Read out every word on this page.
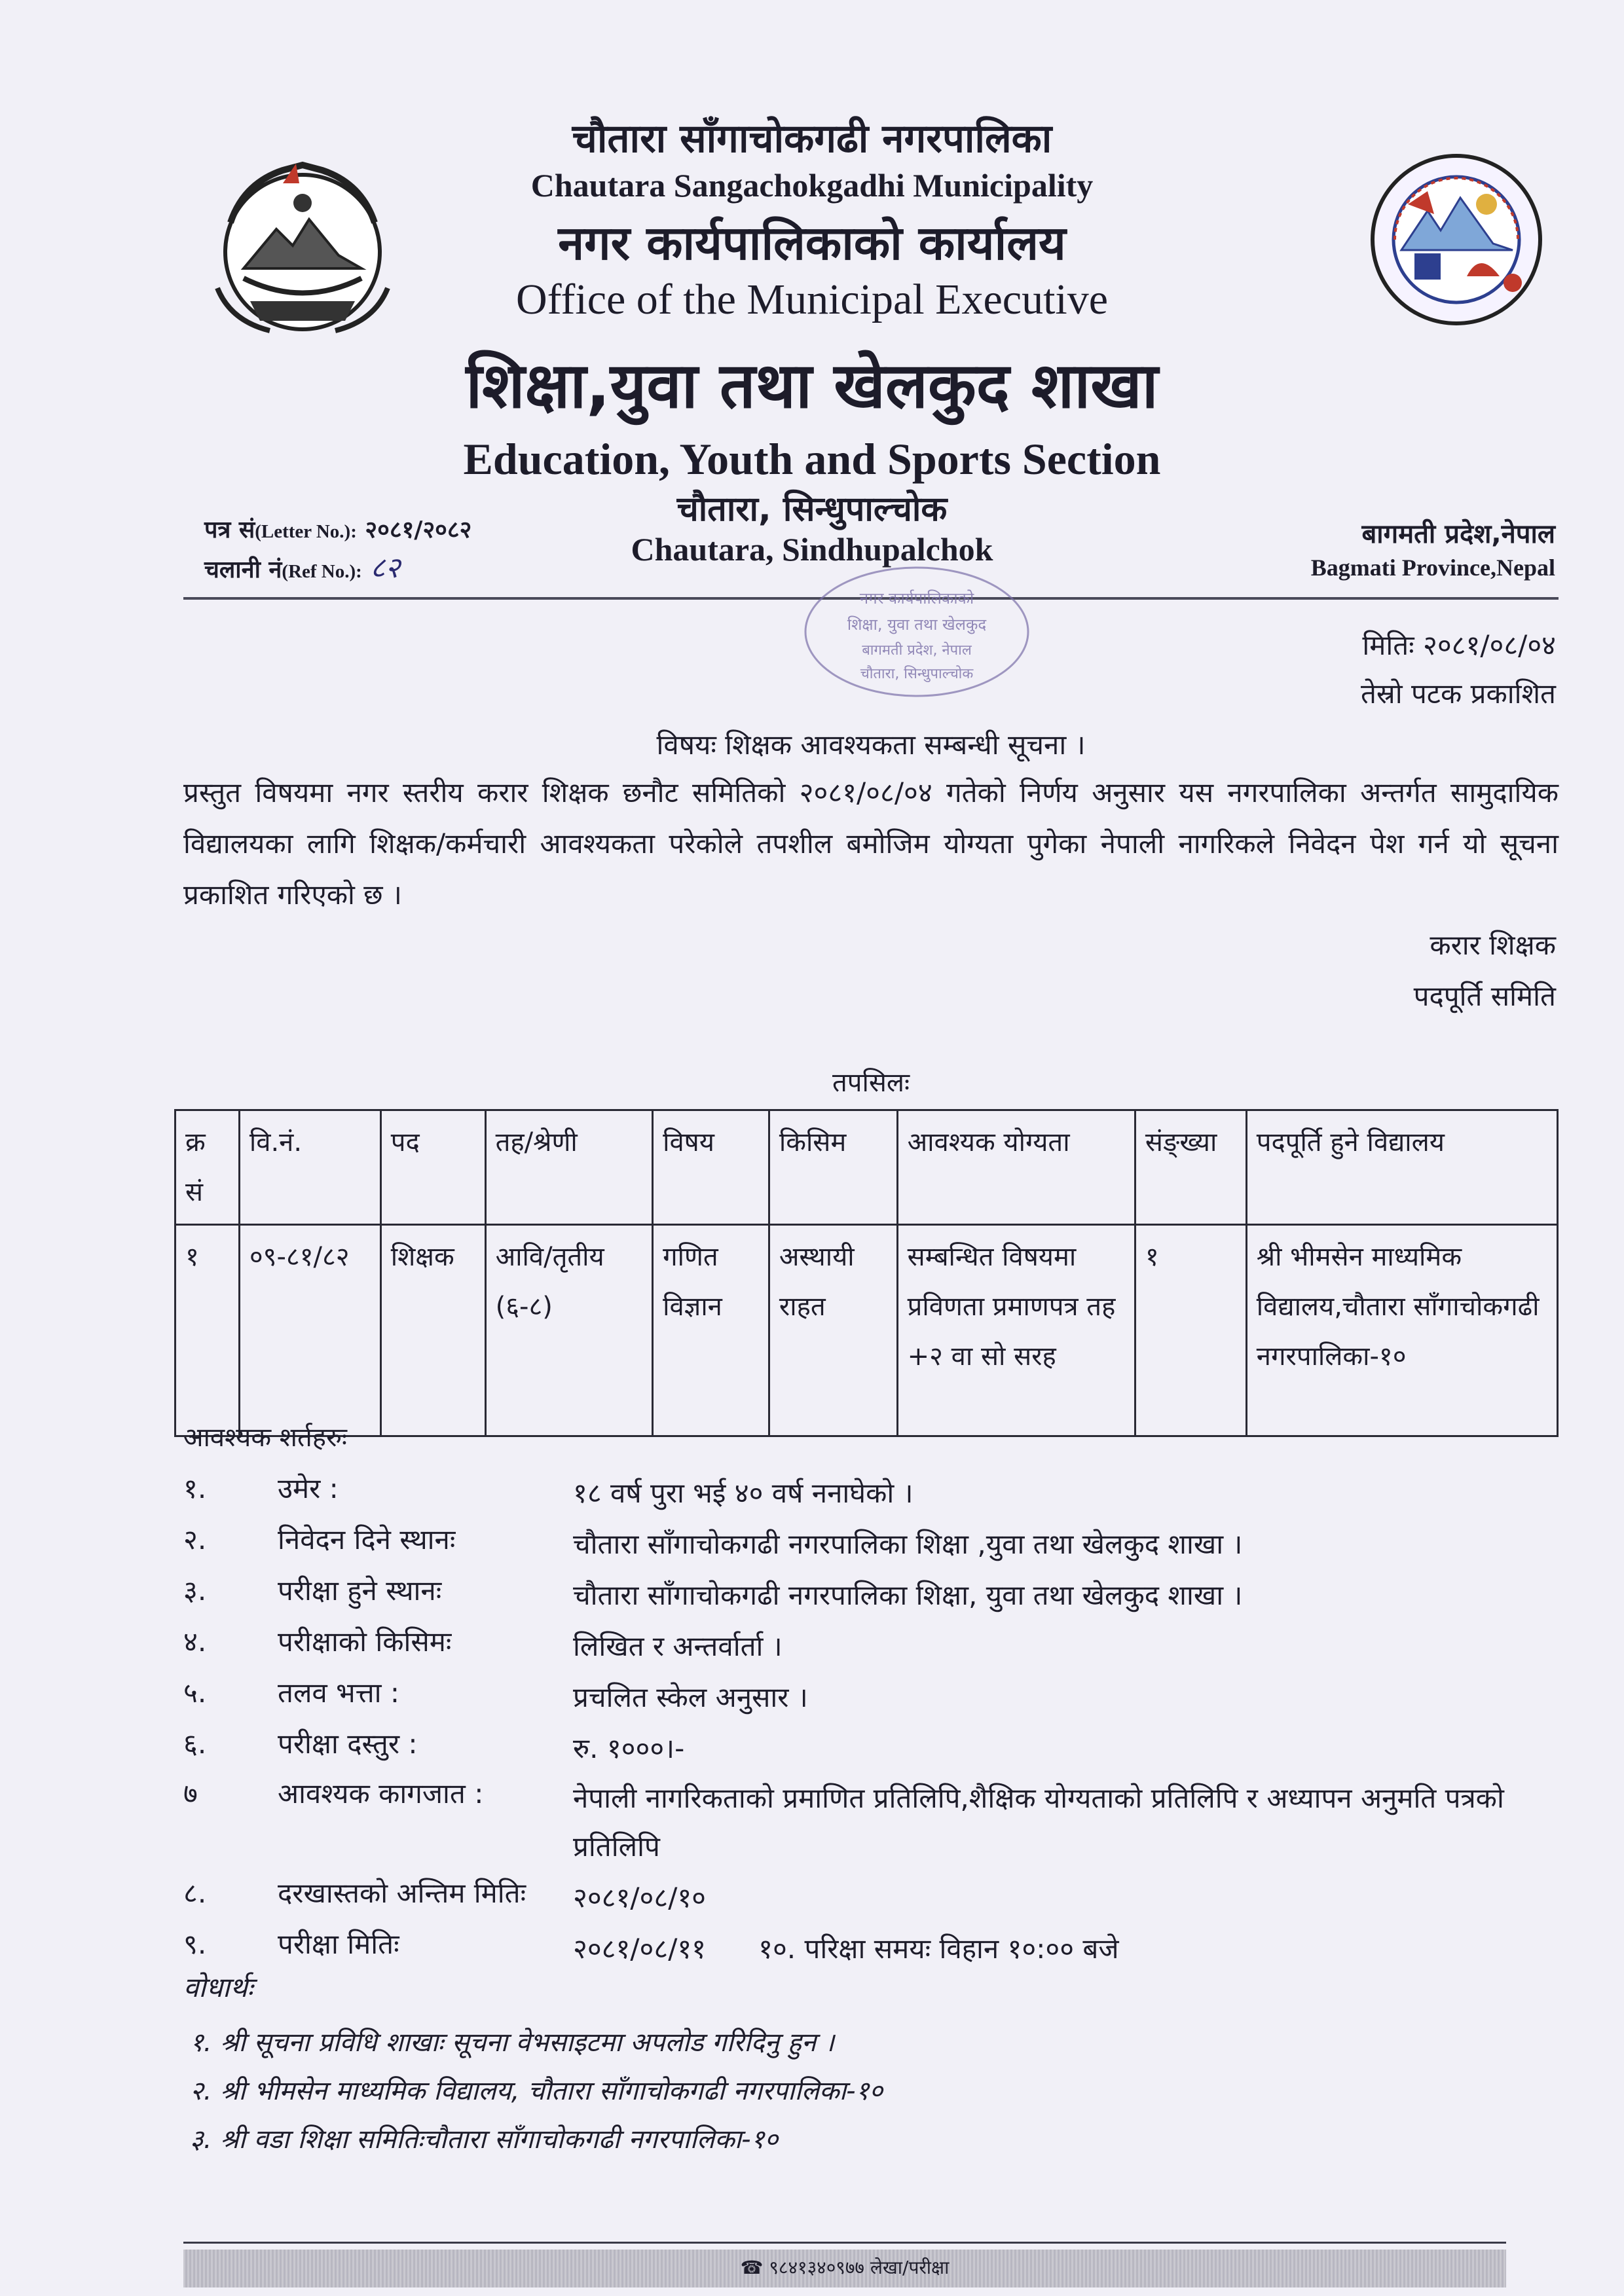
चौतारा साँगाचोकगढी नगरपालिका
Chautara Sangachokgadhi Municipality
नगर कार्यपालिकाको कार्यालय
Office of the Municipal Executive
शिक्षा,युवा तथा खेलकुद शाखा
Education, Youth and Sports Section
चौतारा, सिन्धुपाल्चोक
Chautara, Sindhupalchok
पत्र सं(Letter No.): २०८१/२०८२
चलानी नं(Ref No.): ८२
बागमती प्रदेश,नेपाल
Bagmati Province,Nepal
नगर कार्यपालिकाको
शिक्षा, युवा तथा खेलकुद
बागमती प्रदेश, नेपाल
चौतारा, सिन्धुपाल्चोक
मितिः २०८१/०८/०४
तेस्रो पटक प्रकाशित
विषयः शिक्षक आवश्यकता सम्बन्धी सूचना ।
प्रस्तुत विषयमा नगर स्तरीय करार शिक्षक छनौट समितिको २०८१/०८/०४ गतेको निर्णय अनुसार यस नगरपालिका अन्तर्गत सामुदायिक विद्यालयका लागि शिक्षक/कर्मचारी आवश्यकता परेकोले तपशील बमोजिम योग्यता पुगेका नेपाली नागरिकले निवेदन पेश गर्न यो सूचना प्रकाशित गरिएको छ ।
करार शिक्षक
पदपूर्ति समिति
तपसिलः
क्र सं	वि.नं.	पद	तह/श्रेणी	विषय	किसिम	आवश्यक योग्यता	संङ्ख्या	पदपूर्ति हुने विद्यालय
१	०९-८१/८२	शिक्षक	आवि/तृतीय (६-८)	गणित विज्ञान	अस्थायी राहत	सम्बन्धित विषयमा प्रविणता प्रमाणपत्र तह +२ वा सो सरह	१	श्री भीमसेन माध्यमिक विद्यालय,चौतारा साँगाचोकगढी नगरपालिका-१०
आवश्यक शर्तहरुः
१.	उमेर :	१८ वर्ष पुरा भई ४० वर्ष ननाघेको ।
२.	निवेदन दिने स्थानः	चौतारा साँगाचोकगढी नगरपालिका शिक्षा ,युवा तथा खेलकुद शाखा ।
३.	परीक्षा हुने स्थानः	चौतारा साँगाचोकगढी नगरपालिका शिक्षा, युवा तथा खेलकुद शाखा ।
४.	परीक्षाको किसिमः	लिखित र अन्तर्वार्ता ।
५.	तलव भत्ता :	प्रचलित स्केल अनुसार ।
६.	परीक्षा दस्तुर :	रु. १०००।-
७	आवश्यक कागजात :	नेपाली नागरिकताको प्रमाणित प्रतिलिपि,शैक्षिक योग्यताको प्रतिलिपि र अध्यापन अनुमति पत्रको प्रतिलिपि
८.	दरखास्तको अन्तिम मितिः	२०८१/०८/१०
९.	परीक्षा मितिः	२०८१/०८/११      १०. परिक्षा समयः विहान १०:०० बजे
वोधार्थः
१. श्री सूचना प्रविधि शाखाः सूचना वेभसाइटमा अपलोड गरिदिनु हुन ।
२. श्री भीमसेन माध्यमिक विद्यालय, चौतारा साँगाचोकगढी नगरपालिका-१०
३. श्री वडा शिक्षा समितिःचौतारा साँगाचोकगढी नगरपालिका-१०
☎ ९८४१३४०९७७ लेखा/परीक्षा
